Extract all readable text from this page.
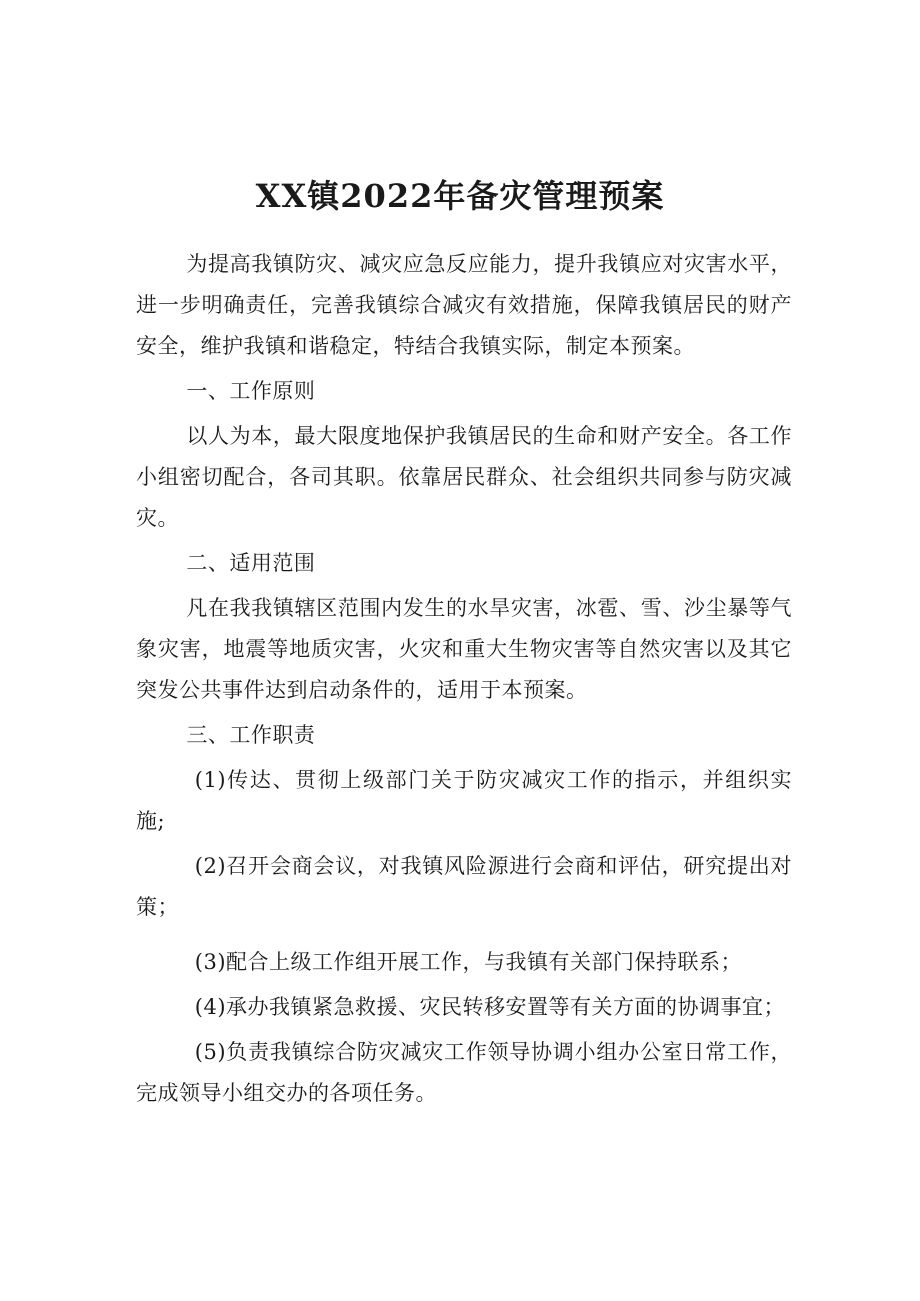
XX镇2022年备灾管理预案

为提高我镇防灾、减灾应急反应能力，提升我镇应对灾害水平，进一步明确责任，完善我镇综合减灾有效措施，保障我镇居民的财产安全，维护我镇和谐稳定，特结合我镇实际，制定本预案。

一、工作原则

以人为本，最大限度地保护我镇居民的生命和财产安全。各工作小组密切配合，各司其职。依靠居民群众、社会组织共同参与防灾减灾。

二、适用范围

凡在我我镇辖区范围内发生的水旱灾害，冰雹、雪、沙尘暴等气象灾害，地震等地质灾害，火灾和重大生物灾害等自然灾害以及其它突发公共事件达到启动条件的，适用于本预案。

三、工作职责

(1)传达、贯彻上级部门关于防灾减灾工作的指示，并组织实施;

(2)召开会商会议，对我镇风险源进行会商和评估，研究提出对策；

(3)配合上级工作组开展工作，与我镇有关部门保持联系；

(4)承办我镇紧急救援、灾民转移安置等有关方面的协调事宜；

(5)负责我镇综合防灾减灾工作领导协调小组办公室日常工作，完成领导小组交办的各项任务。
